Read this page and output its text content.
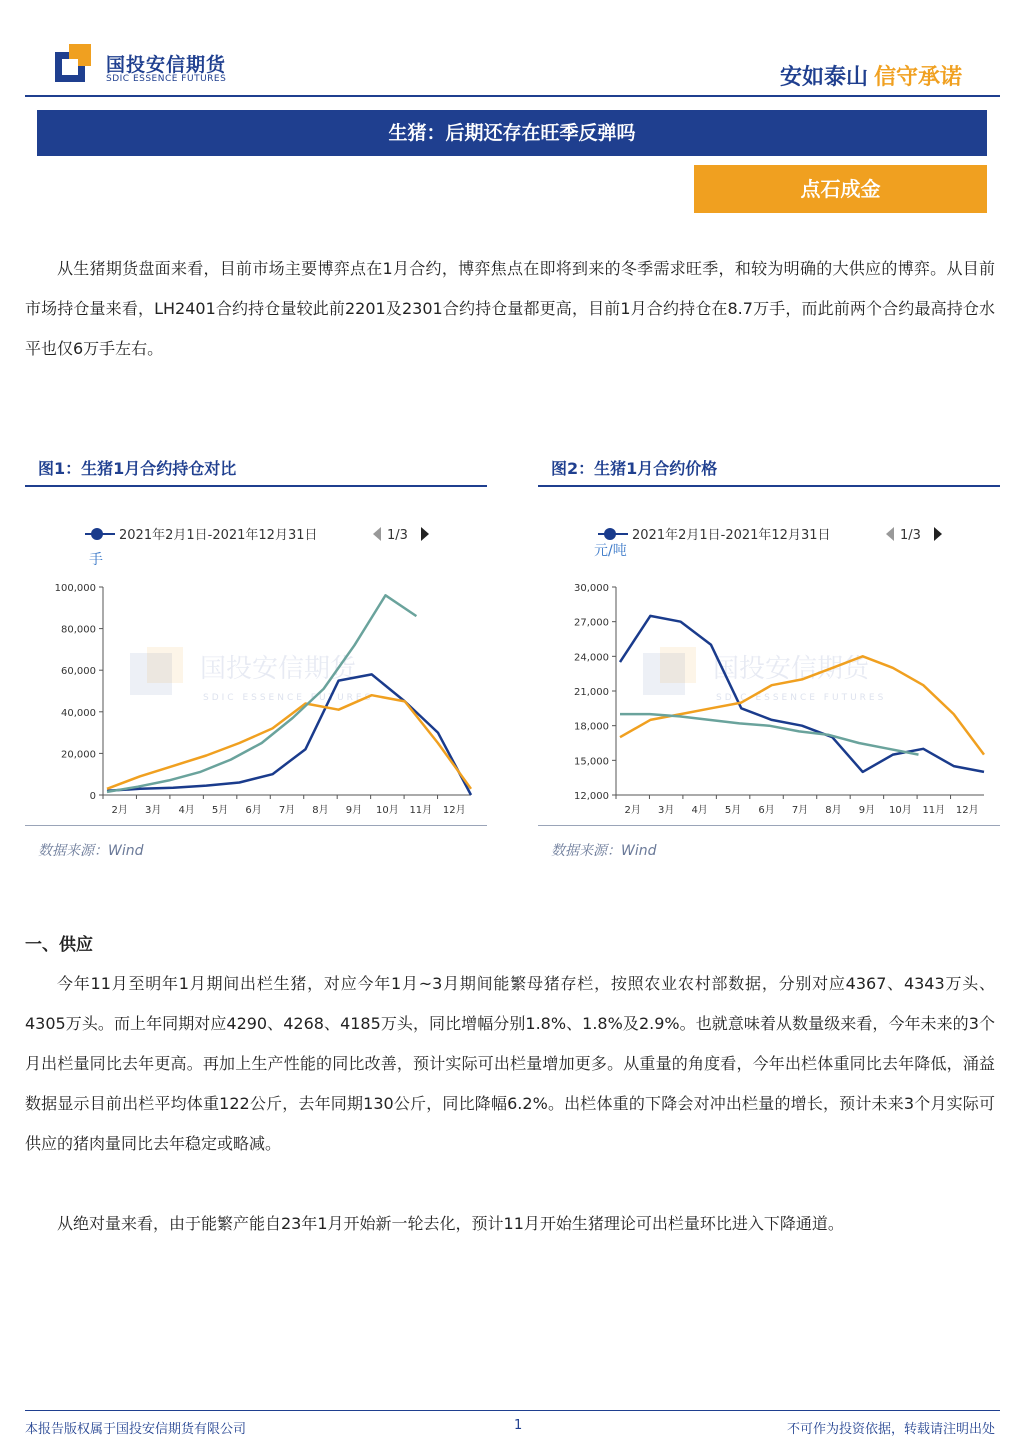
国投安信期货
SDIC ESSENCE FUTURES	安如泰山 信守承诺
生猪：后期还存在旺季反弹吗
点石成金
从生猪期货盘面来看，目前市场主要博弈点在1月合约，博弈焦点在即将到来的冬季需求旺季，和较为明确的大供应的博弈。从目前市场持仓量来看，LH2401合约持仓量较此前2201及2301合约持仓量都更高，目前1月合约持仓在8.7万手，而此前两个合约最高持仓水平也仅6万手左右。
图1：生猪1月合约持仓对比
2021年2月1日-2021年12月31日	1/3
手
国投安信期货
SDIC ESSENCE FUTURES
0
20,000
40,000
60,000
80,000
100,000
2月 3月 4月 5月 6月 7月 8月 9月 10月 11月 12月
数据来源：Wind
图2：生猪1月合约价格
2021年2月1日-2021年12月31日	1/3
元/吨
国投安信期货
SDIC ESSENCE FUTURES
12,000
15,000
18,000
21,000
24,000
27,000
30,000
2月 3月 4月 5月 6月 7月 8月 9月 10月 11月 12月
数据来源：Wind
一、供应
今年11月至明年1月期间出栏生猪，对应今年1月~3月期间能繁母猪存栏，按照农业农村部数据，分别对应4367、4343万头、4305万头。而上年同期对应4290、4268、4185万头，同比增幅分别1.8%、1.8%及2.9%。也就意味着从数量级来看，今年未来的3个月出栏量同比去年更高。再加上生产性能的同比改善，预计实际可出栏量增加更多。从重量的角度看，今年出栏体重同比去年降低，涌益数据显示目前出栏平均体重122公斤，去年同期130公斤，同比降幅6.2%。出栏体重的下降会对冲出栏量的增长，预计未来3个月实际可供应的猪肉量同比去年稳定或略减。
从绝对量来看，由于能繁产能自23年1月开始新一轮去化，预计11月开始生猪理论可出栏量环比进入下降通道。
本报告版权属于国投安信期货有限公司	1	不可作为投资依据，转载请注明出处
